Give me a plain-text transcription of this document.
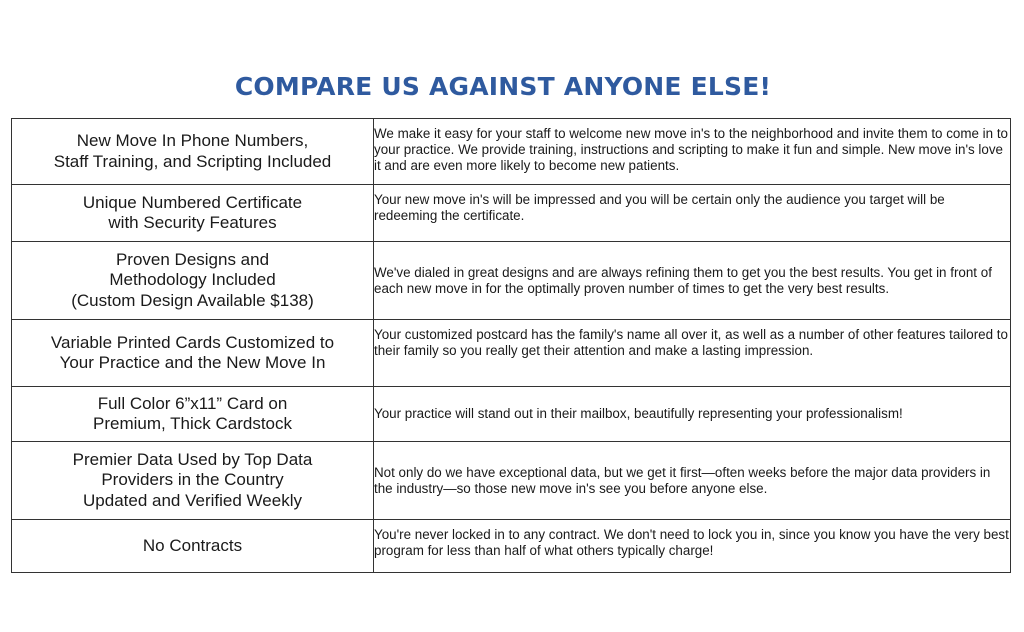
COMPARE US AGAINST ANYONE ELSE!
New Move In Phone Numbers,
Staff Training, and Scripting Included	We make it easy for your staff to welcome new move in's to the neighborhood and invite them to come in to your practice. We provide training, instructions and scripting to make it fun and simple. New move in's love it and are even more likely to become new patients.
Unique Numbered Certificate
with Security Features	Your new move in's will be impressed and you will be certain only the audience you target will be redeeming the certificate.
Proven Designs and
Methodology Included
(Custom Design Available $138)	We've dialed in great designs and are always refining them to get you the best results. You get in front of each new move in for the optimally proven number of times to get the very best results.
Variable Printed Cards Customized to
Your Practice and the New Move In	Your customized postcard has the family's name all over it, as well as a number of other features tailored to their family so you really get their attention and make a lasting impression.
Full Color 6”x11” Card on
Premium, Thick Cardstock	Your practice will stand out in their mailbox, beautifully representing your professionalism!
Premier Data Used by Top Data
Providers in the Country
Updated and Verified Weekly	Not only do we have exceptional data, but we get it first—often weeks before the major data providers in the industry—so those new move in's see you before anyone else.
No Contracts	You're never locked in to any contract. We don't need to lock you in, since you know you have the very best program for less than half of what others typically charge!
